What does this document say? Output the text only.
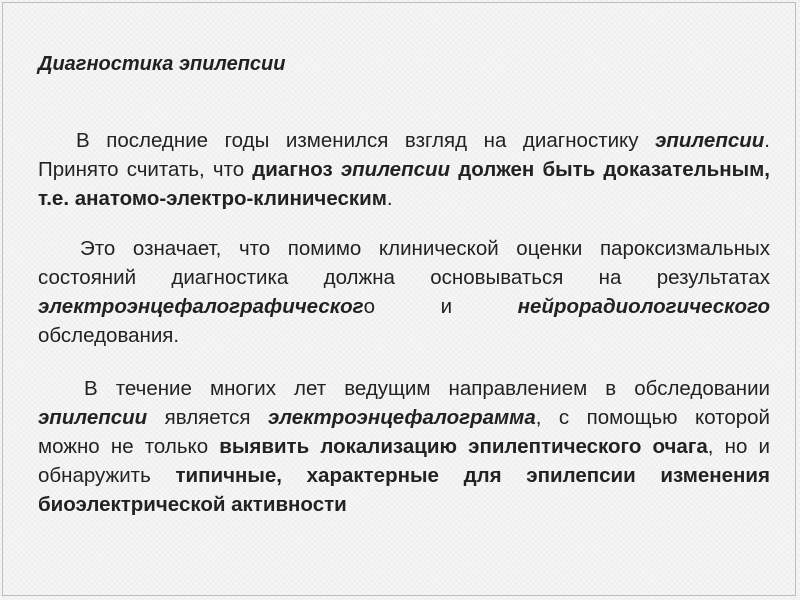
Диагностика эпилепсии

В последние годы изменился взгляд на диагностику эпилепсии. Принято считать, что диагноз эпилепсии должен быть доказательным, т.е. анатомо-электро-клиническим.

Это означает, что помимо клинической оценки пароксизмальных состояний диагностика должна основываться на результатах электроэнцефалографического и нейрорадиологического обследования.

В течение многих лет ведущим направлением в обследовании эпилепсии является электроэнцефалограмма, с помощью которой можно не только выявить локализацию эпилептического очага, но и обнаружить типичные, характерные для эпилепсии изменения биоэлектрической активности
